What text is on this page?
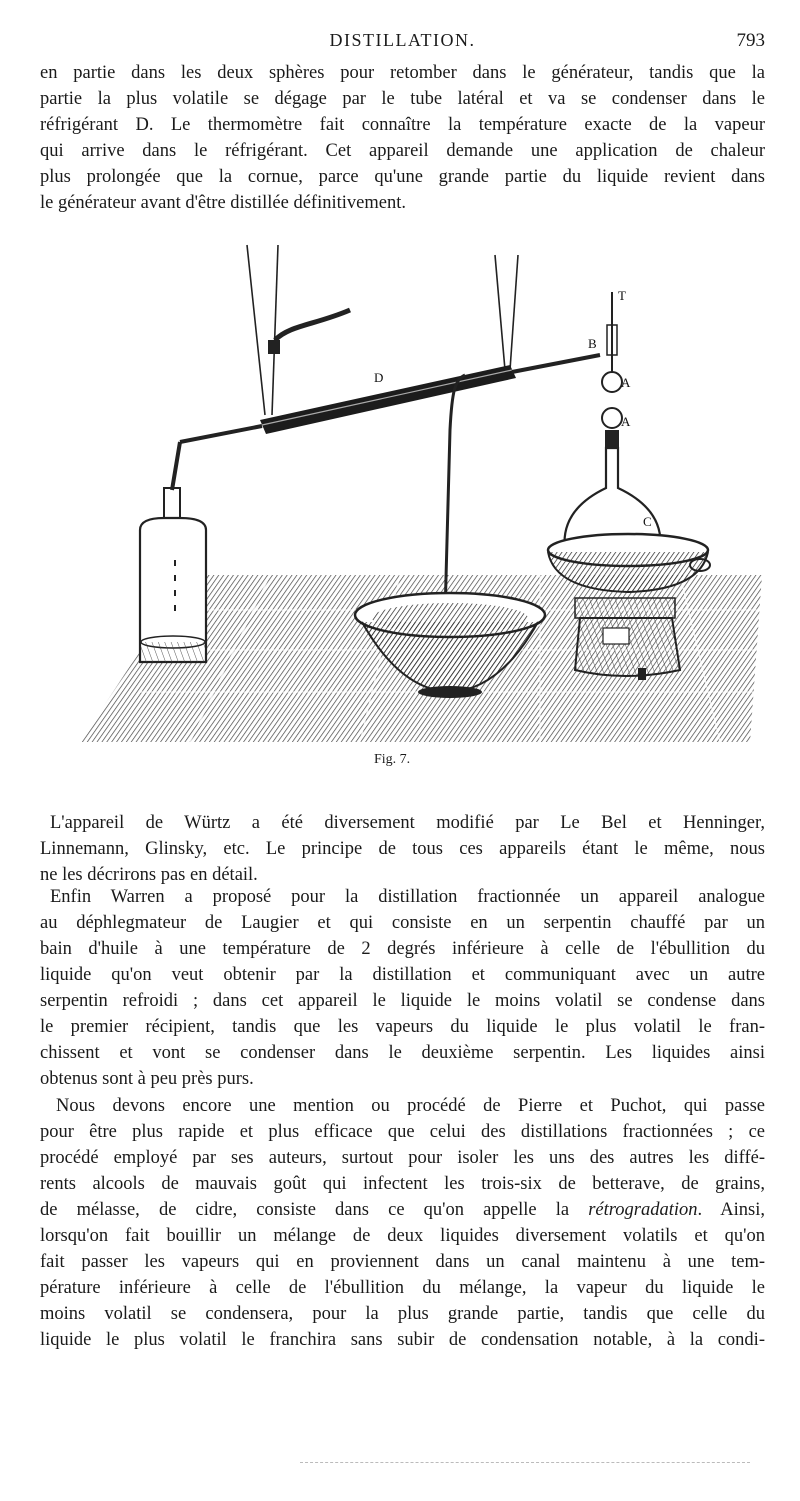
DISTILLATION.	793
en partie dans les deux sphères pour retomber dans le générateur, tandis que la
partie la plus volatile se dégage par le tube latéral et va se condenser dans le
réfrigérant D. Le thermomètre fait connaître la température exacte de la vapeur
qui arrive dans le réfrigérant. Cet appareil demande une application de chaleur
plus prolongée que la cornue, parce qu'une grande partie du liquide revient dans
le générateur avant d'être distillée définitivement.
T
B
A
A
C
D
Fig. 7.
L'appareil de Würtz a été diversement modifié par Le Bel et Henninger,
Linnemann, Glinsky, etc. Le principe de tous ces appareils étant le même, nous
ne les décrirons pas en détail.
Enfin Warren a proposé pour la distillation fractionnée un appareil analogue
au déphlegmateur de Laugier et qui consiste en un serpentin chauffé par un
bain d'huile à une température de 2 degrés inférieure à celle de l'ébullition du
liquide qu'on veut obtenir par la distillation et communiquant avec un autre
serpentin refroidi ; dans cet appareil le liquide le moins volatil se condense dans
le premier récipient, tandis que les vapeurs du liquide le plus volatil le fran-
chissent et vont se condenser dans le deuxième serpentin. Les liquides ainsi
obtenus sont à peu près purs.
Nous devons encore une mention ou procédé de Pierre et Puchot, qui passe
pour être plus rapide et plus efficace que celui des distillations fractionnées ; ce
procédé employé par ses auteurs, surtout pour isoler les uns des autres les diffé-
rents alcools de mauvais goût qui infectent les trois-six de betterave, de grains,
de mélasse, de cidre, consiste dans ce qu'on appelle la rétrogradation. Ainsi,
lorsqu'on fait bouillir un mélange de deux liquides diversement volatils et qu'on
fait passer les vapeurs qui en proviennent dans un canal maintenu à une tem-
pérature inférieure à celle de l'ébullition du mélange, la vapeur du liquide le
moins volatil se condensera, pour la plus grande partie, tandis que celle du
liquide le plus volatil le franchira sans subir de condensation notable, à la condi-
